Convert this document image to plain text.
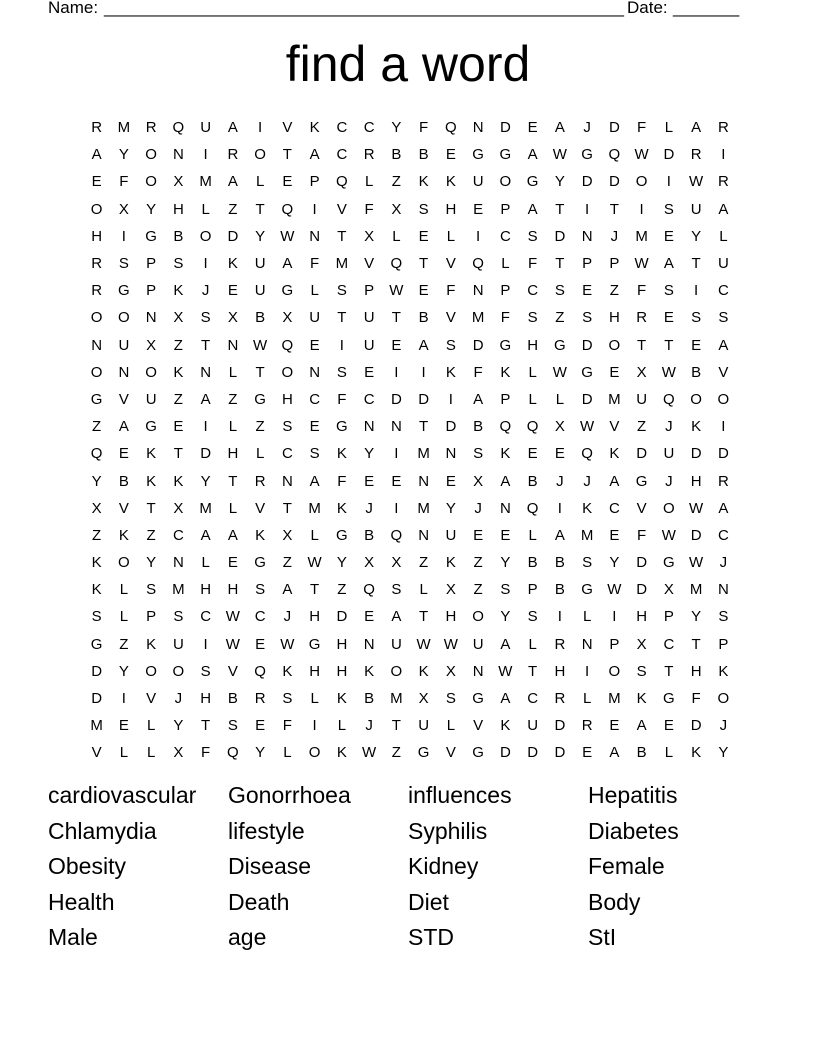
Name: _______________________________________________________ Date: _______
find a word
R	M	R	Q	U	A	I	V	K	C	C	Y	F	Q	N	D	E	A	J	D	F	L	A	R
A	Y	O	N	I	R	O	T	A	C	R	B	B	E	G	G	A	W G	Q W D	R	I
E	F	O	X	M	A	L	E	P	Q	L	Z	K	K	U	O	G	Y	D	D	O	I	W R
O	X	Y	H	L	Z	T	Q	I	V	F	X	S	H	E	P	A	T	I	T	I	S	U	A
H	I	G	B	O	D	Y	W N	T	X	L	E	L	I	C	S	D	N	J	M	E	Y	L
R	S	P	S	I	K	U	A	F	M	V	Q	T	V	Q	L	F	T	P	P	W	A	T	U
R	G	P	K	J	E	U	G	L	S	P	W	E	F	N	P	C	S	E	Z	F	S	I	C
O	O	N	X	S	X	B	X	U	T	U	T	B	V	M	F	S	Z	S	H	R	E	S	S
N	U	X	Z	T	N W Q	E	I	U	E	A	S	D	G	H	G	D	O	T	T	E	A
O	N	O	K	N	L	T	O	N	S	E	I	I	K	F	K	L	W G	E	X	W	B	V
G	V	U	Z	A	Z	G	H	C	F	C	D	D	I	A	P	L	L	D	M	U	Q	O	O
Z	A	G	E	I	L	Z	S	E	G	N	N	T	D	B	Q	Q	X	W	V	Z	J	K	I
Q	E	K	T	D	H	L	C	S	K	Y	I	M	N	S	K	E	E	Q	K	D	U	D	D
Y	B	K	K	Y	T	R	N	A	F	E	E	N	E	X	A	B	J	J	A	G	J	H	R
X	V	T	X	M	L	V	T	M	K	J	I	M	Y	J	N	Q	I	K	C	V	O W	A
Z	K	Z	C	A	A	K	X	L	G	B	Q	N	U	E	E	L	A	M	E	F	W D	C
K	O	Y	N	L	E	G	Z	W	Y	X	X	Z	K	Z	Y	B	B	S	Y	D	G W	J
K	L	S	M	H	H	S	A	T	Z	Q	S	L	X	Z	S	P	B	G W D	X	M	N
S	L	P	S	C W C	J	H	D	E	A	T	H	O	Y	S	I	L	I	H	P	Y	S
G	Z	K	U	I	W	E	W G	H	N	U W W U	A	L	R	N	P	X	C	T	P
D	Y	O	O	S	V	Q	K	H	H	K	O	K	X	N W	T	H	I	O	S	T	H	K
D	I	V	J	H	B	R	S	L	K	B	M	X	S	G	A	C	R	L	M	K	G	F	O
M	E	L	Y	T	S	E	F	I	L	J	T	U	L	V	K	U	D	R	E	A	E	D	J
V	L	L	X	F	Q	Y	L	O	K	W	Z	G	V	G	D	D	D	E	A	B	L	K	Y
cardiovascular	Gonorrhoea	influences	Hepatitis
Chlamydia	lifestyle	Syphilis	Diabetes
Obesity	Disease	Kidney	Female
Health	Death	Diet	Body
Male	age	STD	StI
